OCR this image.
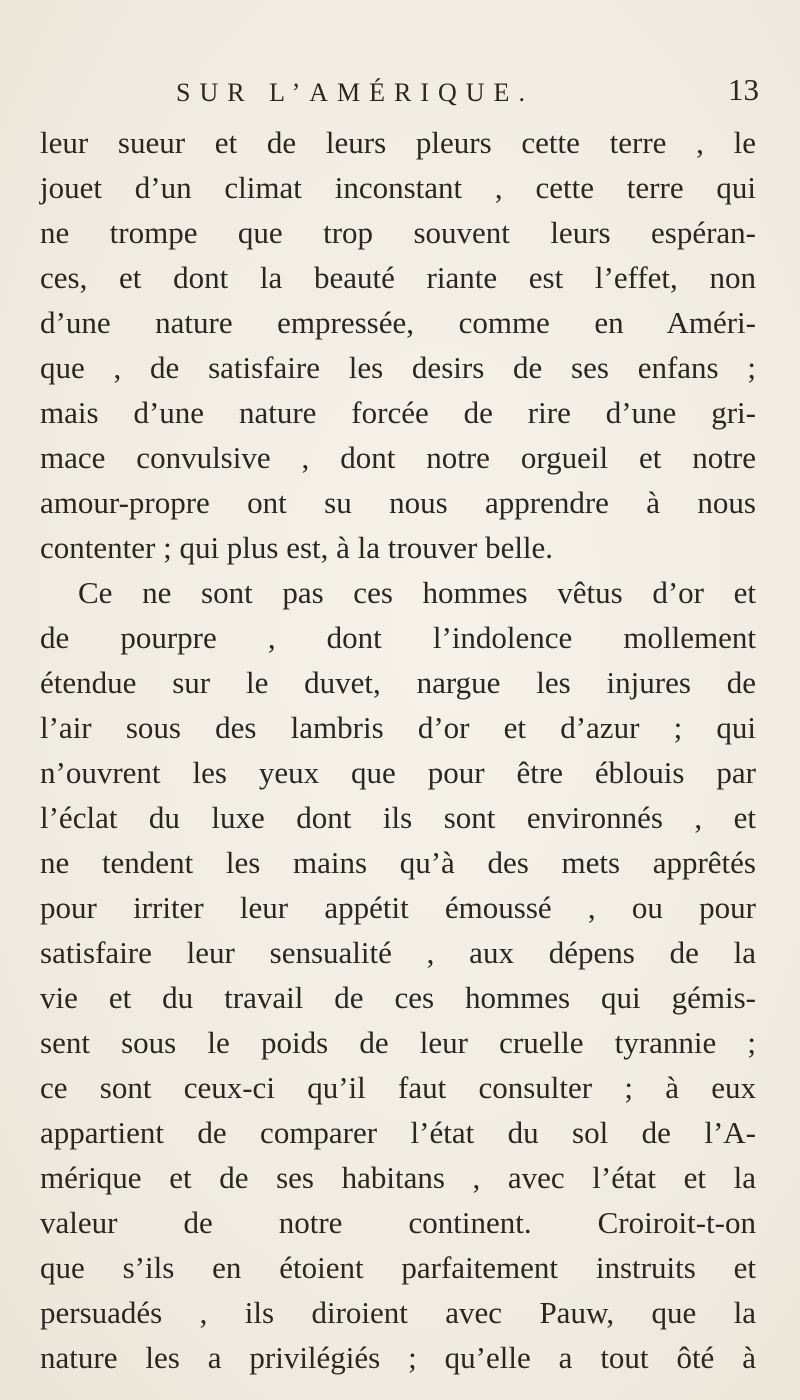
SUR L’AMÉRIQUE.	13
leur sueur et de leurs pleurs cette terre , le
jouet d’un climat inconstant , cette terre qui
ne trompe que trop souvent leurs espéran-
ces, et dont la beauté riante est l’effet, non
d’une nature empressée, comme en Améri-
que , de satisfaire les desirs de ses enfans ;
mais d’une nature forcée de rire d’une gri-
mace convulsive , dont notre orgueil et notre
amour-propre ont su nous apprendre à nous
contenter ; qui plus est, à la trouver belle.
Ce ne sont pas ces hommes vêtus d’or et
de pourpre , dont l’indolence mollement
étendue sur le duvet, nargue les injures de
l’air sous des lambris d’or et d’azur ; qui
n’ouvrent les yeux que pour être éblouis par
l’éclat du luxe dont ils sont environnés , et
ne tendent les mains qu’à des mets apprêtés
pour irriter leur appétit émoussé , ou pour
satisfaire leur sensualité , aux dépens de la
vie et du travail de ces hommes qui gémis-
sent sous le poids de leur cruelle tyrannie ;
ce sont ceux-ci qu’il faut consulter ; à eux
appartient de comparer l’état du sol de l’A-
mérique et de ses habitans , avec l’état et la
valeur de notre continent. Croiroit-t-on
que s’ils en étoient parfaitement instruits et
persuadés , ils diroient avec Pauw, que la
nature les a privilégiés ; qu’elle a tout ôté à
